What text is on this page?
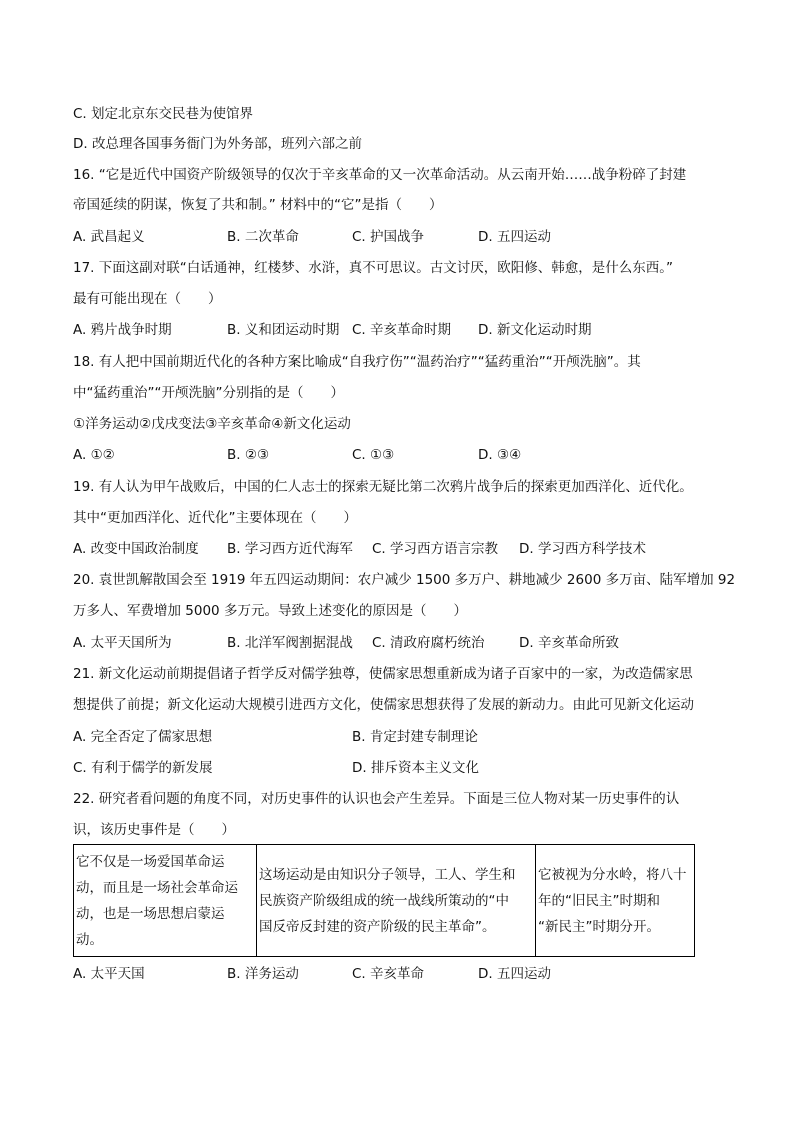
C. 划定北京东交民巷为使馆界
D. 改总理各国事务衙门为外务部，班列六部之前
16. “它是近代中国资产阶级领导的仅次于辛亥革命的又一次革命活动。从云南开始……战争粉碎了封建
帝国延续的阴谋，恢复了共和制。” 材料中的“它”是指（　　）
A. 武昌起义	B. 二次革命	C. 护国战争	D. 五四运动
17. 下面这副对联“白话通神，红楼梦、水浒，真不可思议。古文讨厌，欧阳修、韩愈，是什么东西。”
最有可能出现在（　　）
A. 鸦片战争时期	B. 义和团运动时期 C. 辛亥革命时期 D. 新文化运动时期
18. 有人把中国前期近代化的各种方案比喻成“自我疗伤”“温药治疗”“猛药重治”“开颅洗脑”。其
中“猛药重治”“开颅洗脑”分别指的是（　　）
①洋务运动②戊戌变法③辛亥革命④新文化运动
A. ①②	B. ②③	C. ①③	D. ③④
19. 有人认为甲午战败后，中国的仁人志士的探索无疑比第二次鸦片战争后的探索更加西洋化、近代化。
其中“更加西洋化、近代化”主要体现在（　　）
A. 改变中国政治制度 B. 学习西方近代海军 C. 学习西方语言宗教 D. 学习西方科学技术
20. 袁世凯解散国会至 1919 年五四运动期间：农户减少 1500 多万户、耕地减少 2600 多万亩、陆军增加 92
万多人、军费增加 5000 多万元。导致上述变化的原因是（　　）
A. 太平天国所为	B. 北洋军阀割据混战 C. 清政府腐朽统治	D. 辛亥革命所致
21. 新文化运动前期提倡诸子哲学反对儒学独尊，使儒家思想重新成为诸子百家中的一家，为改造儒家思
想提供了前提；新文化运动大规模引进西方文化，使儒家思想获得了发展的新动力。由此可见新文化运动
A. 完全否定了儒家思想	B. 肯定封建专制理论
C. 有利于儒学的新发展	D. 排斥资本主义文化
22. 研究者看问题的角度不同，对历史事件的认识也会产生差异。下面是三位人物对某一历史事件的认
识，该历史事件是（　　）
它不仅是一场爱国革命运
动，而且是一场社会革命运
动，也是一场思想启蒙运
动。

这场运动是由知识分子领导，工人、学生和
民族资产阶级组成的统一战线所策动的“中
国反帝反封建的资产阶级的民主革命”。

它被视为分水岭，将八十
年的“旧民主”时期和
“新民主”时期分开。
A. 太平天国	B. 洋务运动	C. 辛亥革命	D. 五四运动
